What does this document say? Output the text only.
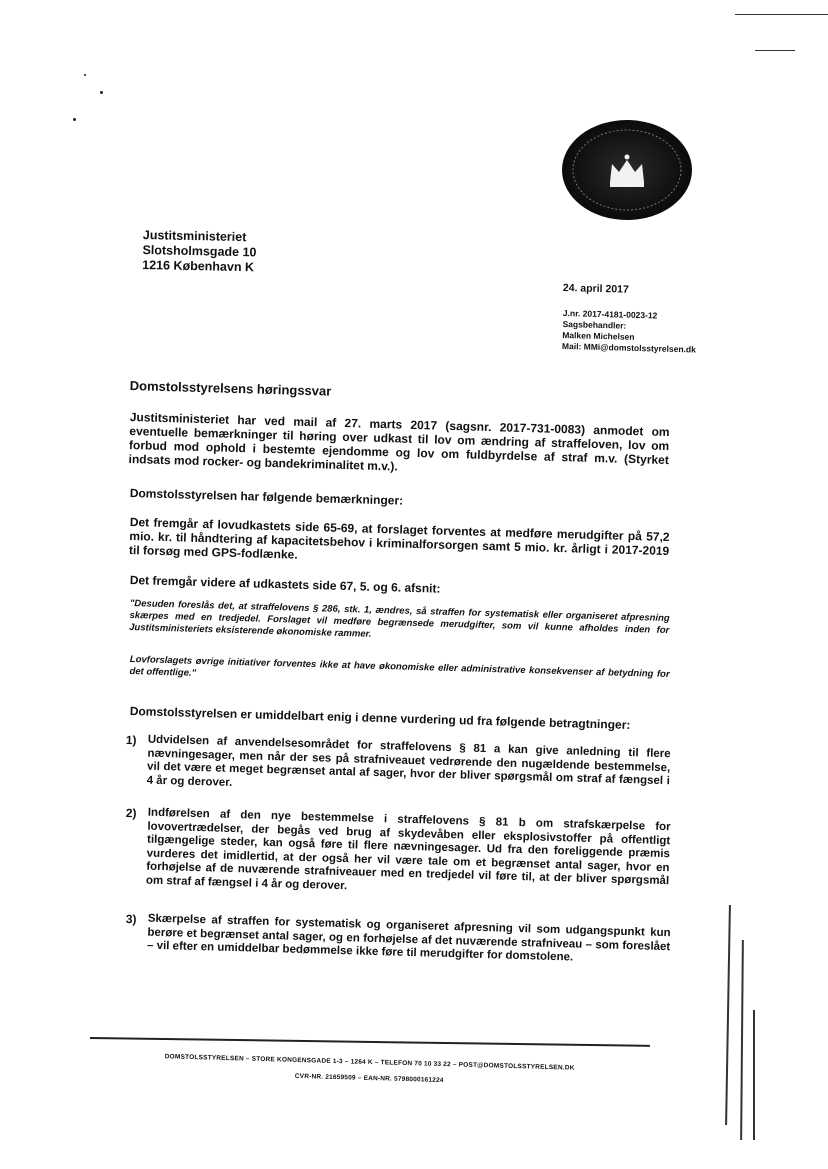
Justitsministeriet
Slotsholmsgade 10
1216 København K
24. april 2017
J.nr. 2017-4181-0023-12
Sagsbehandler:
Malken Michelsen
Mail: MMi@domstolsstyrelsen.dk
Domstolsstyrelsens høringssvar
Justitsministeriet har ved mail af 27. marts 2017 (sagsnr. 2017-731-0083) anmodet om eventuelle bemærkninger til høring over udkast til lov om ændring af straffeloven, lov om forbud mod ophold i bestemte ejendomme og lov om fuldbyrdelse af straf m.v. (Styrket indsats mod rocker- og bandekriminalitet m.v.).
Domstolsstyrelsen har følgende bemærkninger:
Det fremgår af lovudkastets side 65-69, at forslaget forventes at medføre merudgifter på 57,2 mio. kr. til håndtering af kapacitetsbehov i kriminalforsorgen samt 5 mio. kr. årligt i 2017-2019 til forsøg med GPS-fodlænke.
Det fremgår videre af udkastets side 67, 5. og 6. afsnit:
"Desuden foreslås det, at straffelovens § 286, stk. 1, ændres, så straffen for systematisk eller organiseret afpresning skærpes med en tredjedel. Forslaget vil medføre begrænsede merudgifter, som vil kunne afholdes inden for Justitsministeriets eksisterende økonomiske rammer.
Lovforslagets øvrige initiativer forventes ikke at have økonomiske eller administrative konsekvenser af betydning for det offentlige."
Domstolsstyrelsen er umiddelbart enig i denne vurdering ud fra følgende betragtninger:
1) Udvidelsen af anvendelsesområdet for straffelovens § 81 a kan give anledning til flere nævningesager, men når der ses på strafniveauet vedrørende den nugældende bestemmelse, vil det være et meget begrænset antal af sager, hvor der bliver spørgsmål om straf af fængsel i 4 år og derover.
2) Indførelsen af den nye bestemmelse i straffelovens § 81 b om strafskærpelse for lovovertrædelser, der begås ved brug af skydevåben eller eksplosivstoffer på offentligt tilgængelige steder, kan også føre til flere nævningesager. Ud fra den foreliggende præmis vurderes det imidlertid, at der også her vil være tale om et begrænset antal sager, hvor en forhøjelse af de nuværende strafniveauer med en tredjedel vil føre til, at der bliver spørgsmål om straf af fængsel i 4 år og derover.
3) Skærpelse af straffen for systematisk og organiseret afpresning vil som udgangspunkt kun berøre et begrænset antal sager, og en forhøjelse af det nuværende strafniveau – som foreslået – vil efter en umiddelbar bedømmelse ikke føre til merudgifter for domstolene.
DOMSTOLSSTYRELSEN – STORE KONGENSGADE 1-3 – 1264 K – TELEFON 70 10 33 22 – POST@DOMSTOLSSTYRELSEN.DK
CVR-NR. 21659509 – EAN-NR. 5798000161224
